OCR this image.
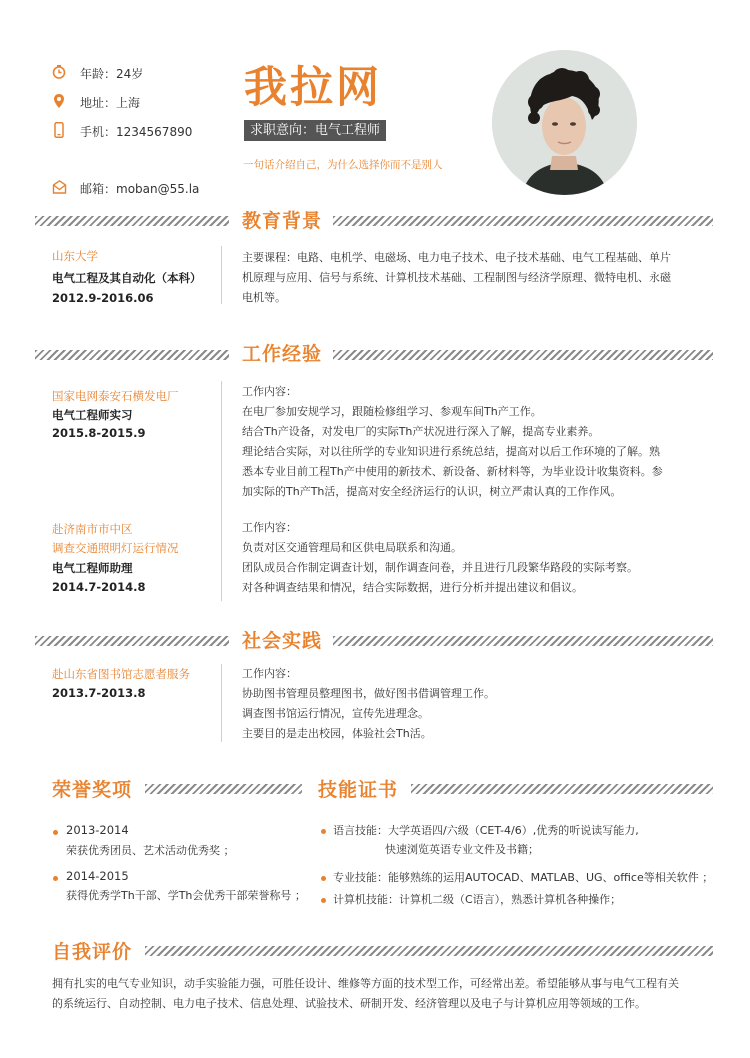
年龄：24岁
地址：上海
手机：1234567890
邮箱：moban@55.la
我拉网
求职意向：电气工程师
一句话介绍自己，为什么选择你而不是别人
教育背景
山东大学
电气工程及其自动化（本科）
2012.9-2016.06
主要课程：电路、电机学、电磁场、电力电子技术、电子技术基础、电气工程基础、单片
机原理与应用、信号与系统、计算机技术基础、工程制图与经济学原理、微特电机、永磁
电机等。
工作经验
国家电网泰安石横发电厂
电气工程师实习
2015.8-2015.9
工作内容：
在电厂参加安规学习，跟随检修组学习、参观车间Th产工作。
结合Th产设备，对发电厂的实际Th产状况进行深入了解，提高专业素养。
理论结合实际，对以往所学的专业知识进行系统总结，提高对以后工作环境的了解。熟
悉本专业目前工程Th产中使用的新技术、新设备、新材料等，为毕业设计收集资料。参
加实际的Th产Th活，提高对安全经济运行的认识，树立严肃认真的工作作风。
赴济南市市中区
调查交通照明灯运行情况
电气工程师助理
2014.7-2014.8
工作内容：
负责对区交通管理局和区供电局联系和沟通。
团队成员合作制定调查计划，制作调查问卷，并且进行几段繁华路段的实际考察。
对各种调查结果和情况，结合实际数据，进行分析并提出建议和倡议。
社会实践
赴山东省图书馆志愿者服务
2013.7-2013.8
工作内容：
协助图书管理员整理图书，做好图书借调管理工作。
调查图书馆运行情况，宣传先进理念。
主要目的是走出校园，体验社会Th活。
荣誉奖项	技能证书
2013-2014
荣获优秀团员、艺术活动优秀奖 ；
2014-2015
获得优秀学Th干部、学Th会优秀干部荣誉称号 ；
语言技能：大学英语四/六级（CET-4/6）,优秀的听说读写能力,
快速浏览英语专业文件及书籍；
专业技能：能够熟练的运用AUTOCAD、MATLAB、UG、office等相关软件 ；
计算机技能：计算机二级（C语言），熟悉计算机各种操作；
自我评价
拥有扎实的电气专业知识，动手实验能力强，可胜任设计、维修等方面的技术型工作，可经常出差。希望能够从事与电气工程有关
的系统运行、自动控制、电力电子技术、信息处理、试验技术、研制开发、经济管理以及电子与计算机应用等领域的工作。
